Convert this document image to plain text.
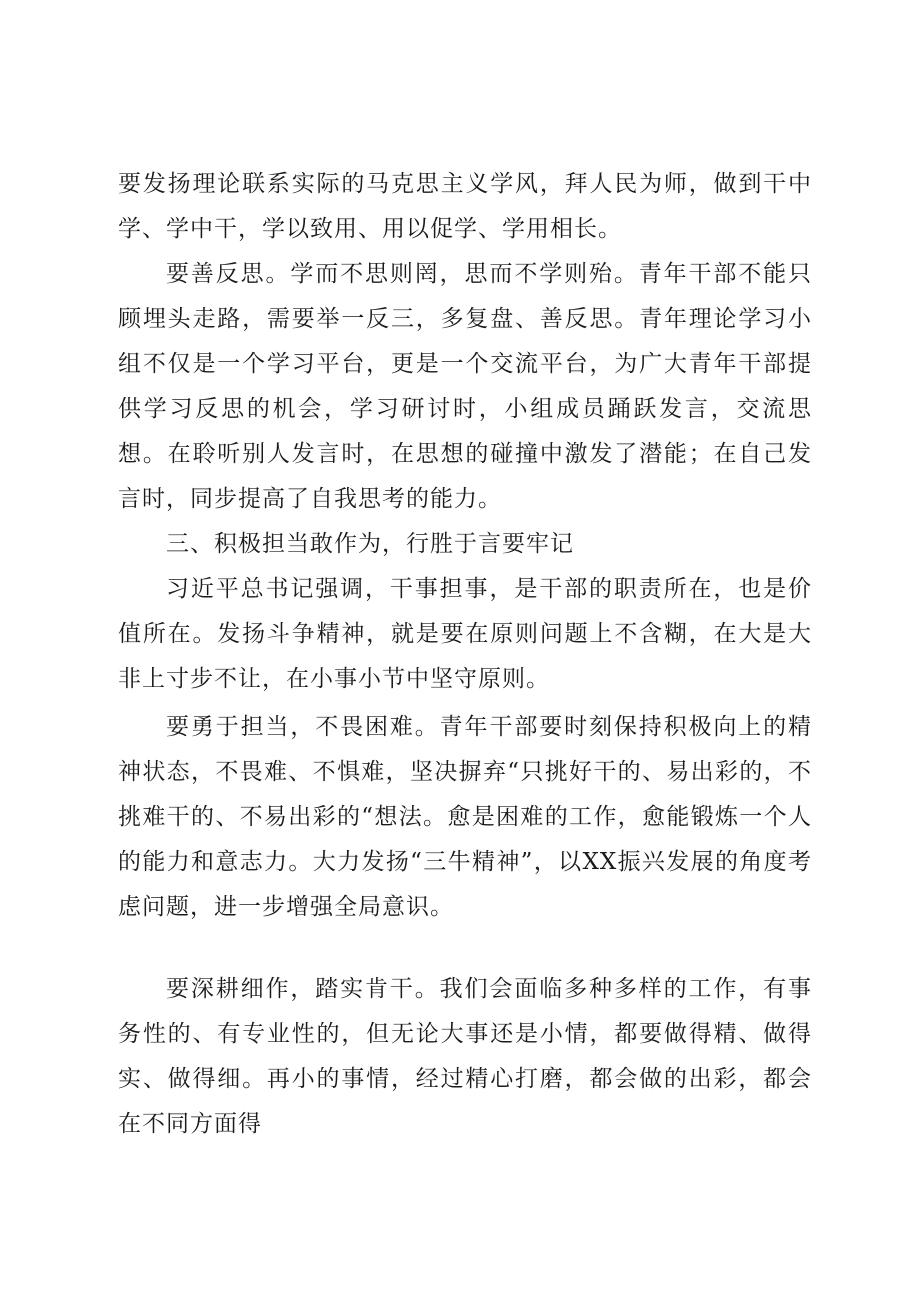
要发扬理论联系实际的马克思主义学风，拜人民为师，做到干中学、学中干，学以致用、用以促学、学用相长。

要善反思。学而不思则罔，思而不学则殆。青年干部不能只顾埋头走路，需要举一反三，多复盘、善反思。青年理论学习小组不仅是一个学习平台，更是一个交流平台，为广大青年干部提供学习反思的机会，学习研讨时，小组成员踊跃发言，交流思想。在聆听别人发言时，在思想的碰撞中激发了潜能；在自己发言时，同步提高了自我思考的能力。

三、积极担当敢作为，行胜于言要牢记

习近平总书记强调，干事担事，是干部的职责所在，也是价值所在。发扬斗争精神，就是要在原则问题上不含糊，在大是大非上寸步不让，在小事小节中坚守原则。

要勇于担当，不畏困难。青年干部要时刻保持积极向上的精神状态，不畏难、不惧难，坚决摒弃“只挑好干的、易出彩的，不挑难干的、不易出彩的“想法。愈是困难的工作，愈能锻炼一个人的能力和意志力。大力发扬“三牛精神”，以XX振兴发展的角度考虑问题，进一步增强全局意识。

要深耕细作，踏实肯干。我们会面临多种多样的工作，有事务性的、有专业性的，但无论大事还是小情，都要做得精、做得实、做得细。再小的事情，经过精心打磨，都会做的出彩，都会在不同方面得
